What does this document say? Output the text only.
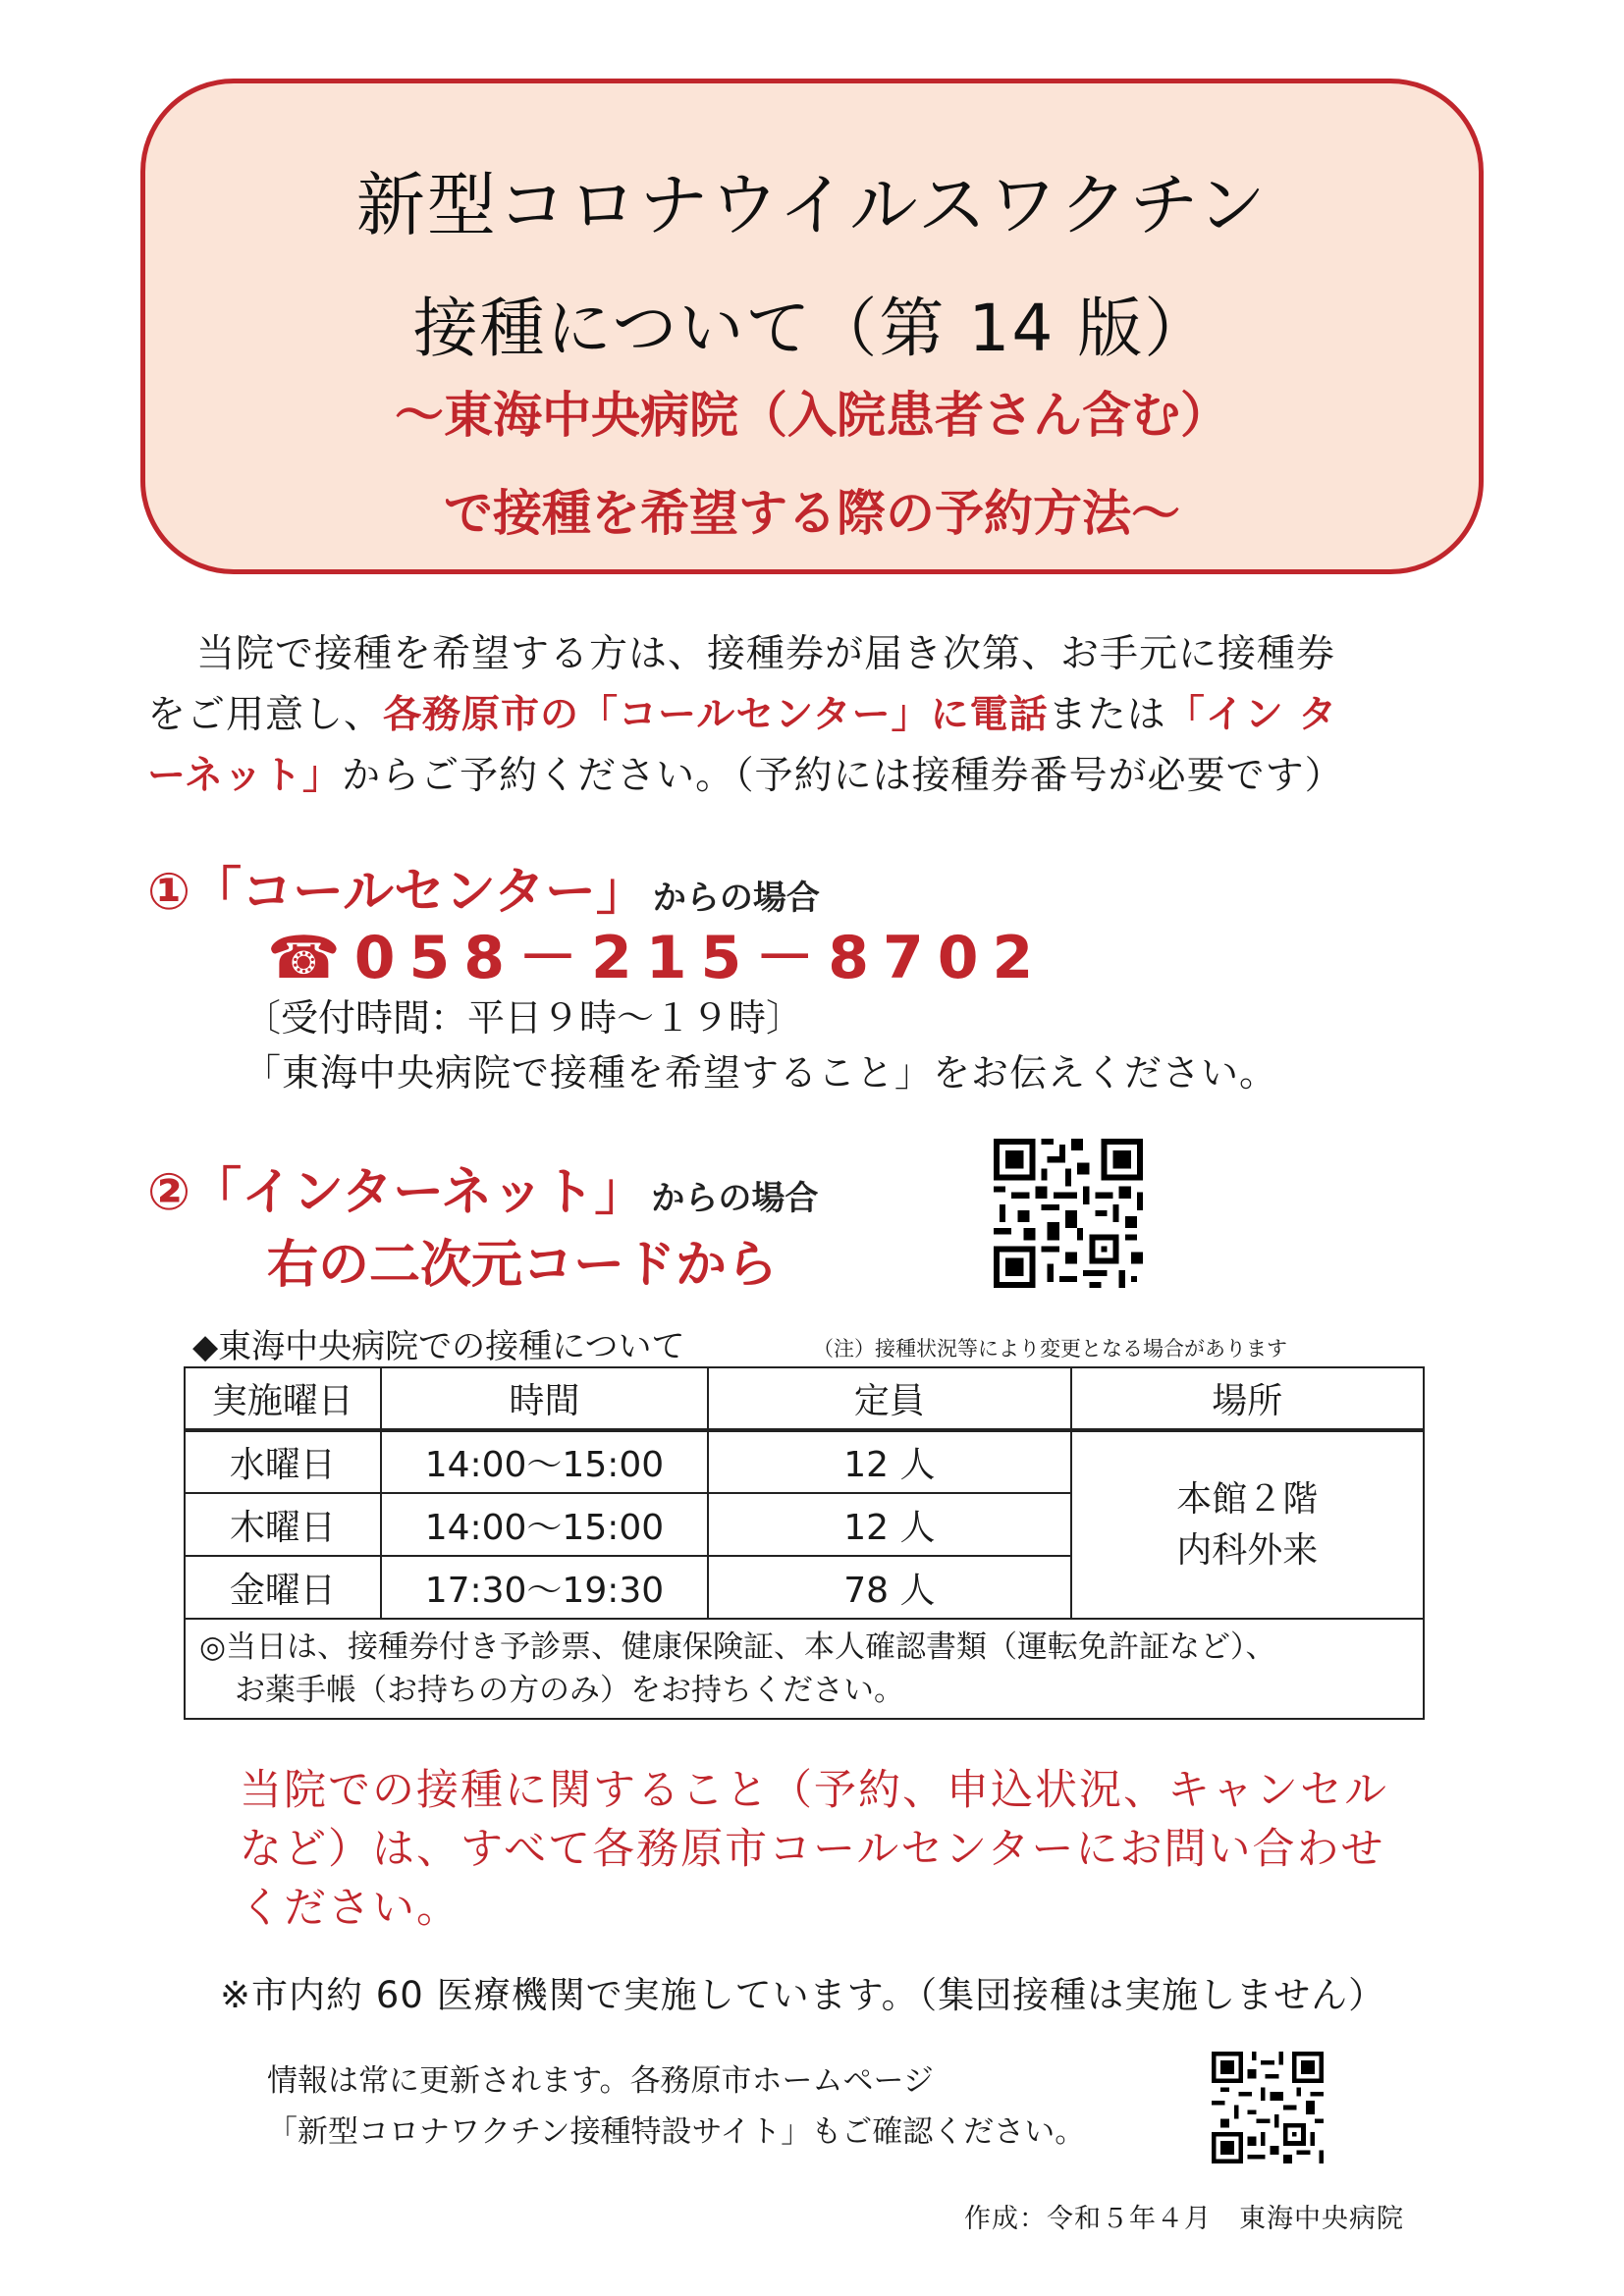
新型コロナウイルスワクチン
接種について（第 14 版）
～東海中央病院（入院患者さん含む）
で接種を希望する際の予約方法～
当院で接種を希望する方は、接種券が届き次第、お手元に接種券
をご用意し、各務原市の「コールセンター」に電話または「イン タ
ーネット」からご予約ください。（予約には接種券番号が必要です）
①「コールセンター」 からの場合
☎058－215－8702
〔受付時間：平日９時～１９時〕
「東海中央病院で接種を希望すること」をお伝えください。
②「インターネット」 からの場合
右の二次元コードから
◆東海中央病院での接種について	（注）接種状況等により変更となる場合があります
実施曜日	時間	定員	場所
水曜日	14:00～15:00	12 人	本館２階
内科外来

木曜日	14:00～15:00	12 人	
金曜日	17:30～19:30	78 人	

◎当日は、接種券付き予診票、健康保険証、本人確認書類（運転免許証など）、
お薬手帳（お持ちの方のみ）をお持ちください。			
当院での接種に関すること（予約、申込状況、キャンセル
など）は、すべて各務原市コールセンターにお問い合わせ
ください。
※市内約 60 医療機関で実施しています。（集団接種は実施しません）
情報は常に更新されます。各務原市ホームページ
「新型コロナワクチン接種特設サイト」もご確認ください。
作成：令和５年４月　東海中央病院
